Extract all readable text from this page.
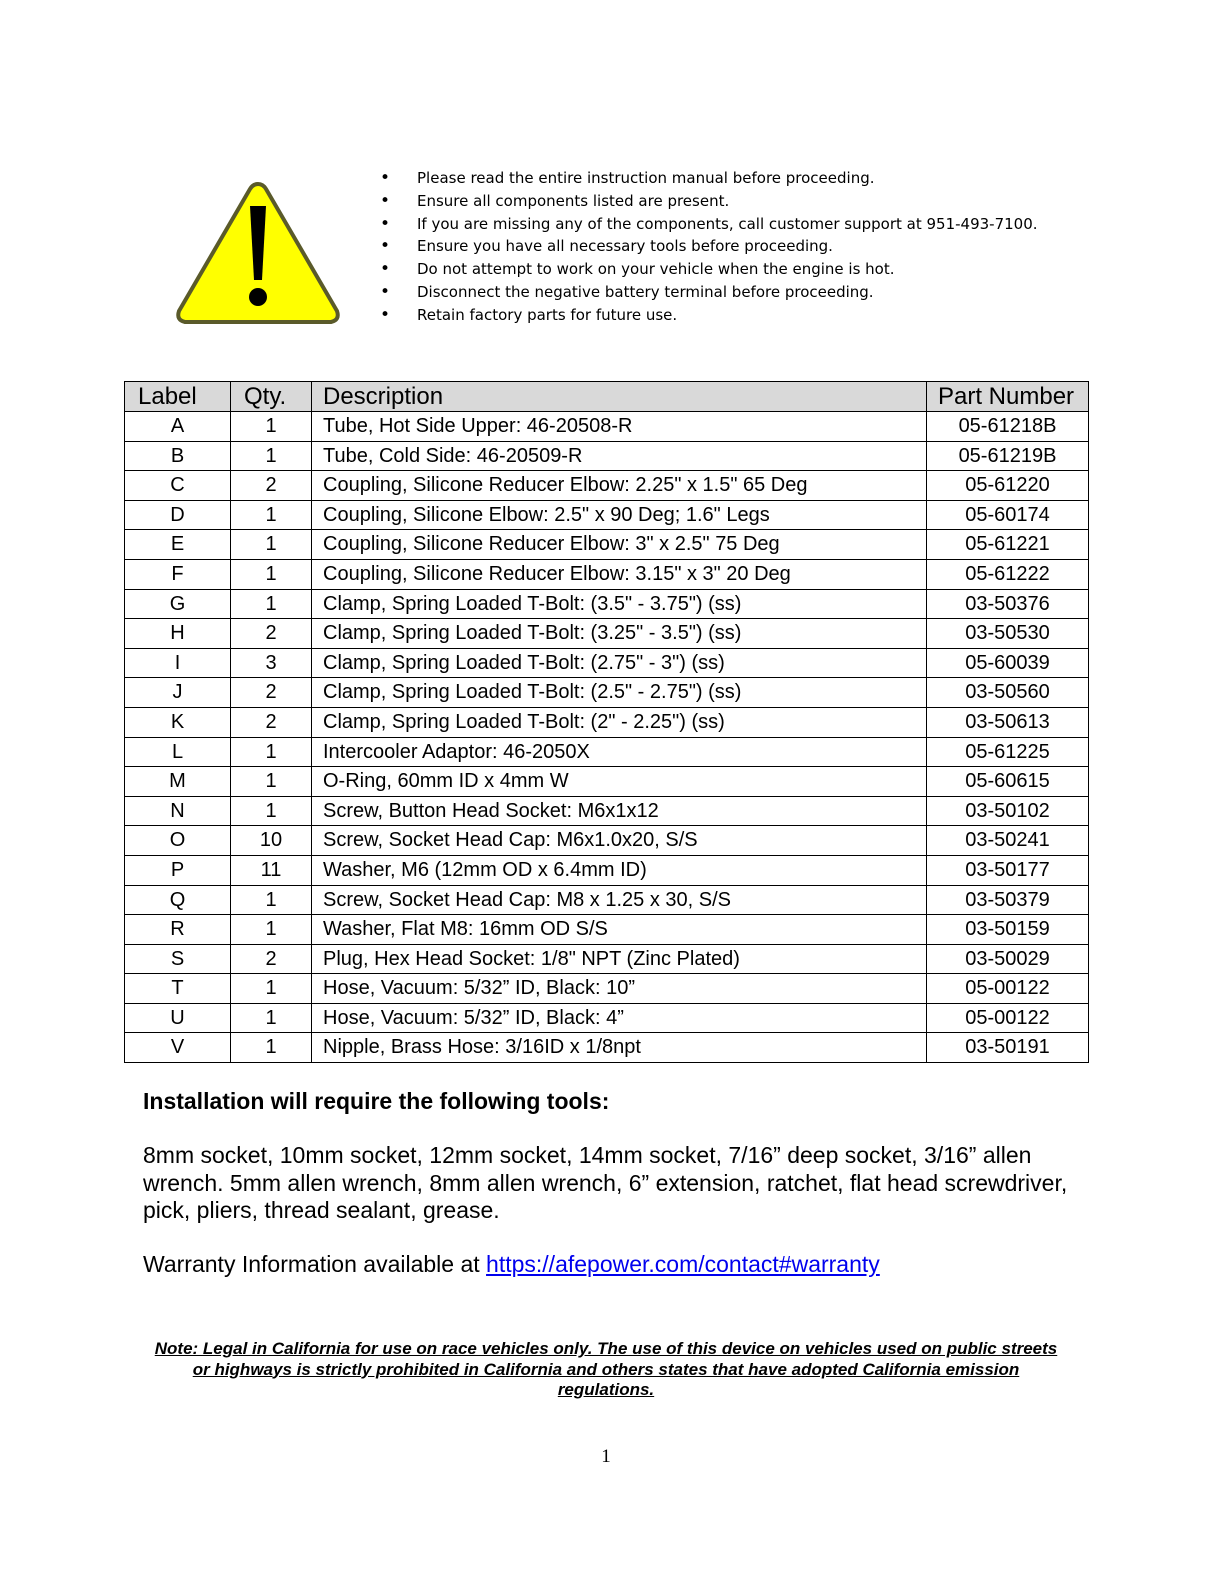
• Please read the entire instruction manual before proceeding.
• Ensure all components listed are present.
• If you are missing any of the components, call customer support at 951-493-7100.
• Ensure you have all necessary tools before proceeding.
• Do not attempt to work on your vehicle when the engine is hot.
• Disconnect the negative battery terminal before proceeding.
• Retain factory parts for future use.
Label	Qty.	Description	Part Number
A	1	Tube, Hot Side Upper: 46-20508-R	05-61218B
B	1	Tube, Cold Side: 46-20509-R	05-61219B
C	2	Coupling, Silicone Reducer Elbow: 2.25" x 1.5" 65 Deg	05-61220
D	1	Coupling, Silicone Elbow: 2.5" x 90 Deg; 1.6" Legs	05-60174
E	1	Coupling, Silicone Reducer Elbow: 3" x 2.5" 75 Deg	05-61221
F	1	Coupling, Silicone Reducer Elbow: 3.15" x 3" 20 Deg	05-61222
G	1	Clamp, Spring Loaded T-Bolt: (3.5" - 3.75") (ss)	03-50376
H	2	Clamp, Spring Loaded T-Bolt: (3.25" - 3.5") (ss)	03-50530
I	3	Clamp, Spring Loaded T-Bolt: (2.75" - 3") (ss)	05-60039
J	2	Clamp, Spring Loaded T-Bolt: (2.5" - 2.75") (ss)	03-50560
K	2	Clamp, Spring Loaded T-Bolt: (2" - 2.25") (ss)	03-50613
L	1	Intercooler Adaptor: 46-2050X	05-61225
M	1	O-Ring, 60mm ID x 4mm W	05-60615
N	1	Screw, Button Head Socket: M6x1x12	03-50102
O	10	Screw, Socket Head Cap: M6x1.0x20, S/S	03-50241
P	11	Washer, M6 (12mm OD x 6.4mm ID)	03-50177
Q	1	Screw, Socket Head Cap: M8 x 1.25 x 30, S/S	03-50379
R	1	Washer, Flat M8: 16mm OD S/S	03-50159
S	2	Plug, Hex Head Socket: 1/8" NPT (Zinc Plated)	03-50029
T	1	Hose, Vacuum: 5/32” ID, Black: 10”	05-00122
U	1	Hose, Vacuum: 5/32” ID, Black: 4”	05-00122
V	1	Nipple, Brass Hose: 3/16ID x 1/8npt	03-50191
Installation will require the following tools:

8mm socket, 10mm socket, 12mm socket, 14mm socket, 7/16” deep socket, 3/16” allen wrench. 5mm allen wrench, 8mm allen wrench, 6” extension, ratchet, flat head screwdriver, pick, pliers, thread sealant, grease.

Warranty Information available at https://afepower.com/contact#warranty

Note: Legal in California for use on race vehicles only. The use of this device on vehicles used on public streets or highways is strictly prohibited in California and others states that have adopted California emission regulations.

1
